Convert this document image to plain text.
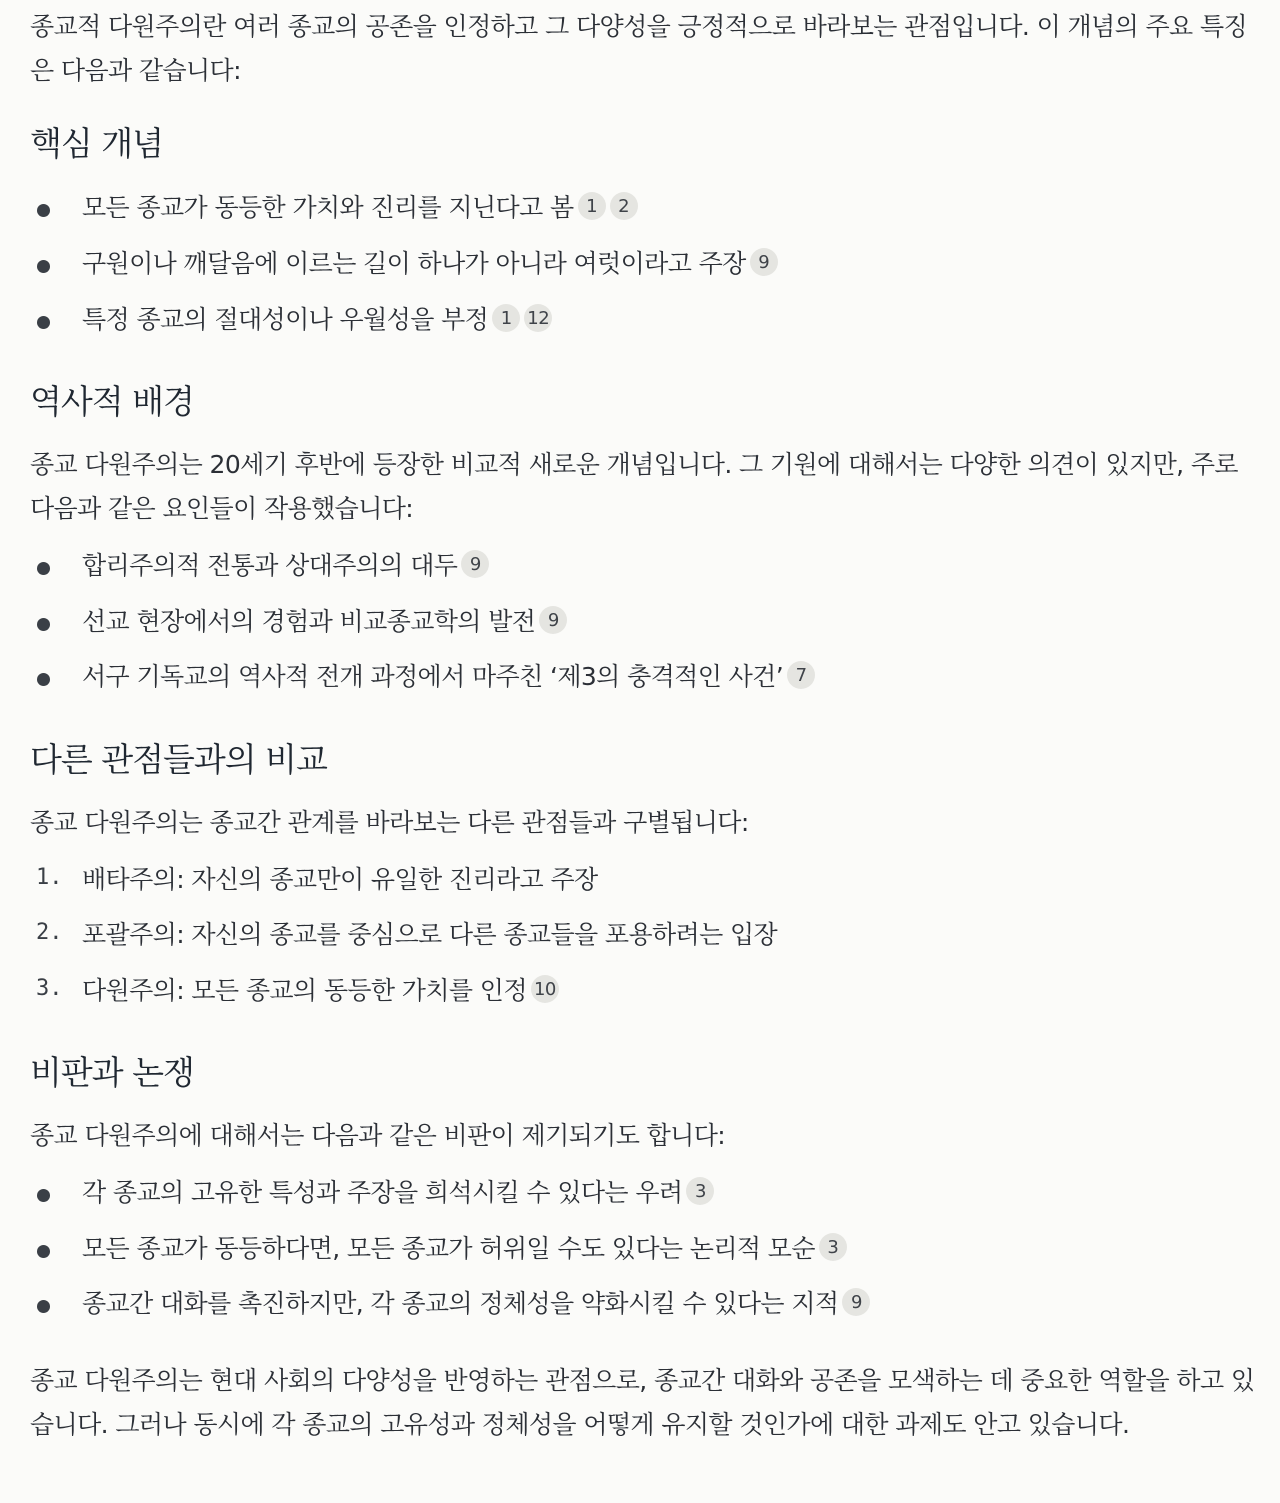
종교적 다원주의란 여러 종교의 공존을 인정하고 그 다양성을 긍정적으로 바라보는 관점입니다. 이 개념의 주요 특징은 다음과 같습니다:

핵심 개념
모든 종교가 동등한 가치와 진리를 지닌다고 봄 1	2
구원이나 깨달음에 이르는 길이 하나가 아니라 여럿이라고 주장 9
특정 종교의 절대성이나 우월성을 부정 1 12
역사적 배경

종교 다원주의는 20세기 후반에 등장한 비교적 새로운 개념입니다. 그 기원에 대해서는 다양한 의견이 있지만, 주로 다음과 같은 요인들이 작용했습니다:

합리주의적 전통과 상대주의의 대두 9
선교 현장에서의 경험과 비교종교학의 발전 9
서구 기독교의 역사적 전개 과정에서 마주친 ‘제3의 충격적인 사건’ 7
다른 관점들과의 비교

종교 다원주의는 종교간 관계를 바라보는 다른 관점들과 구별됩니다:

1. 배타주의: 자신의 종교만이 유일한 진리라고 주장
2. 포괄주의: 자신의 종교를 중심으로 다른 종교들을 포용하려는 입장
3. 다원주의: 모든 종교의 동등한 가치를 인정 10
비판과 논쟁

종교 다원주의에 대해서는 다음과 같은 비판이 제기되기도 합니다:

각 종교의 고유한 특성과 주장을 희석시킬 수 있다는 우려 3
모든 종교가 동등하다면, 모든 종교가 허위일 수도 있다는 논리적 모순 3
종교간 대화를 촉진하지만, 각 종교의 정체성을 약화시킬 수 있다는 지적 9

종교 다원주의는 현대 사회의 다양성을 반영하는 관점으로, 종교간 대화와 공존을 모색하는 데 중요한 역할을 하고 있습니다. 그러나 동시에 각 종교의 고유성과 정체성을 어떻게 유지할 것인가에 대한 과제도 안고 있습니다.
